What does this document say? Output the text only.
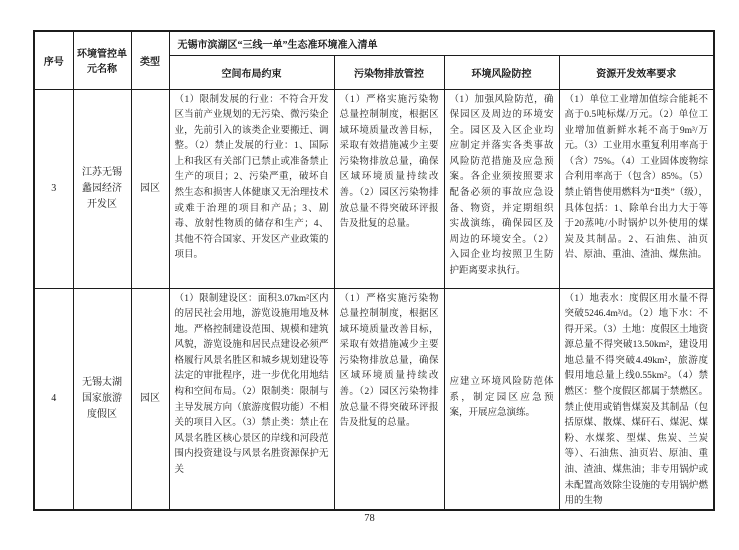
序号	环境管控单元名称	类型	无锡市滨湖区“三线一单”生态准环境准入清单			
			空间布局约束	污染物排放管控	环境风险防控	资源开发效率要求
3	江苏无锡蠡园经济开发区	园区	（1）限制发展的行业：不符合开发区当前产业规划的无污染、微污染企业，先前引入的该类企业要搬迁、调整。（2）禁止发展的行业：1、国际上和我区有关部门已禁止或准备禁止生产的项目；2、污染严重，破坏自然生态和损害人体健康又无治理技术或难于治理的项目和产品；3、剧毒、放射性物质的储存和生产；4、其他不符合国家、开发区产业政策的项目。	（1）严格实施污染物总量控制制度，根据区域环境质量改善目标，采取有效措施减少主要污染物排放总量，确保区域环境质量持续改善。（2）园区污染物排放总量不得突破环评报告及批复的总量。	（1）加强风险防范，确保园区及周边的环境安全。园区及入区企业均应制定并落实各类事故风险防范措施及应急预案。各企业须按照要求配备必须的事故应急设备、物资，并定期组织实战演练，确保园区及周边的环境安全。（2）入园企业均按照卫生防护距离要求执行。	（1）单位工业增加值综合能耗不高于0.5吨标煤/万元。（2）单位工业增加值新鲜水耗不高于9m³/万元。（3）工业用水重复利用率高于（含）75%。（4）工业固体废物综合利用率高于（包含）85%。（5）禁止销售使用燃料为“Ⅱ类”（级），具体包括：1、除单台出力大于等于20蒸吨/小时锅炉以外使用的煤炭及其制品。2、石油焦、油页岩、原油、重油、渣油、煤焦油。

4	无锡太湖国家旅游度假区	园区	（1）限制建设区：面积3.07km²区内的居民社会用地，游览设施用地及林地。严格控制建设范围、规模和建筑风貌，游览设施和居民点建设必须严格履行风景名胜区和城乡规划建设等法定的审批程序，进一步优化用地结构和空间布局。（2）限制类：限制与主导发展方向（旅游度假功能）不相关的项目入区。（3）禁止类：禁止在风景名胜区核心景区的岸线和河段范围内投资建设与风景名胜资源保护无关	（1）严格实施污染物总量控制制度，根据区域环境质量改善目标，采取有效措施减少主要污染物排放总量，确保区域环境质量持续改善。（2）园区污染物排放总量不得突破环评报告及批复的总量。	应建立环境风险防范体系，制定园区应急预案，开展应急演练。	（1）地表水：度假区用水量不得突破5246.4m³/d。（2）地下水：不得开采。（3）土地：度假区土地资源总量不得突破13.50km²，建设用地总量不得突破4.49km²，旅游度假用地总量上线0.55km²。（4）禁燃区：整个度假区都属于禁燃区。禁止使用或销售煤炭及其制品（包括原煤、散煤、煤矸石、煤泥、煤粉、水煤浆、型煤、焦炭、兰炭等）、石油焦、油页岩、原油、重油、渣油、煤焦油；非专用锅炉或未配置高效除尘设施的专用锅炉燃用的生物
78
